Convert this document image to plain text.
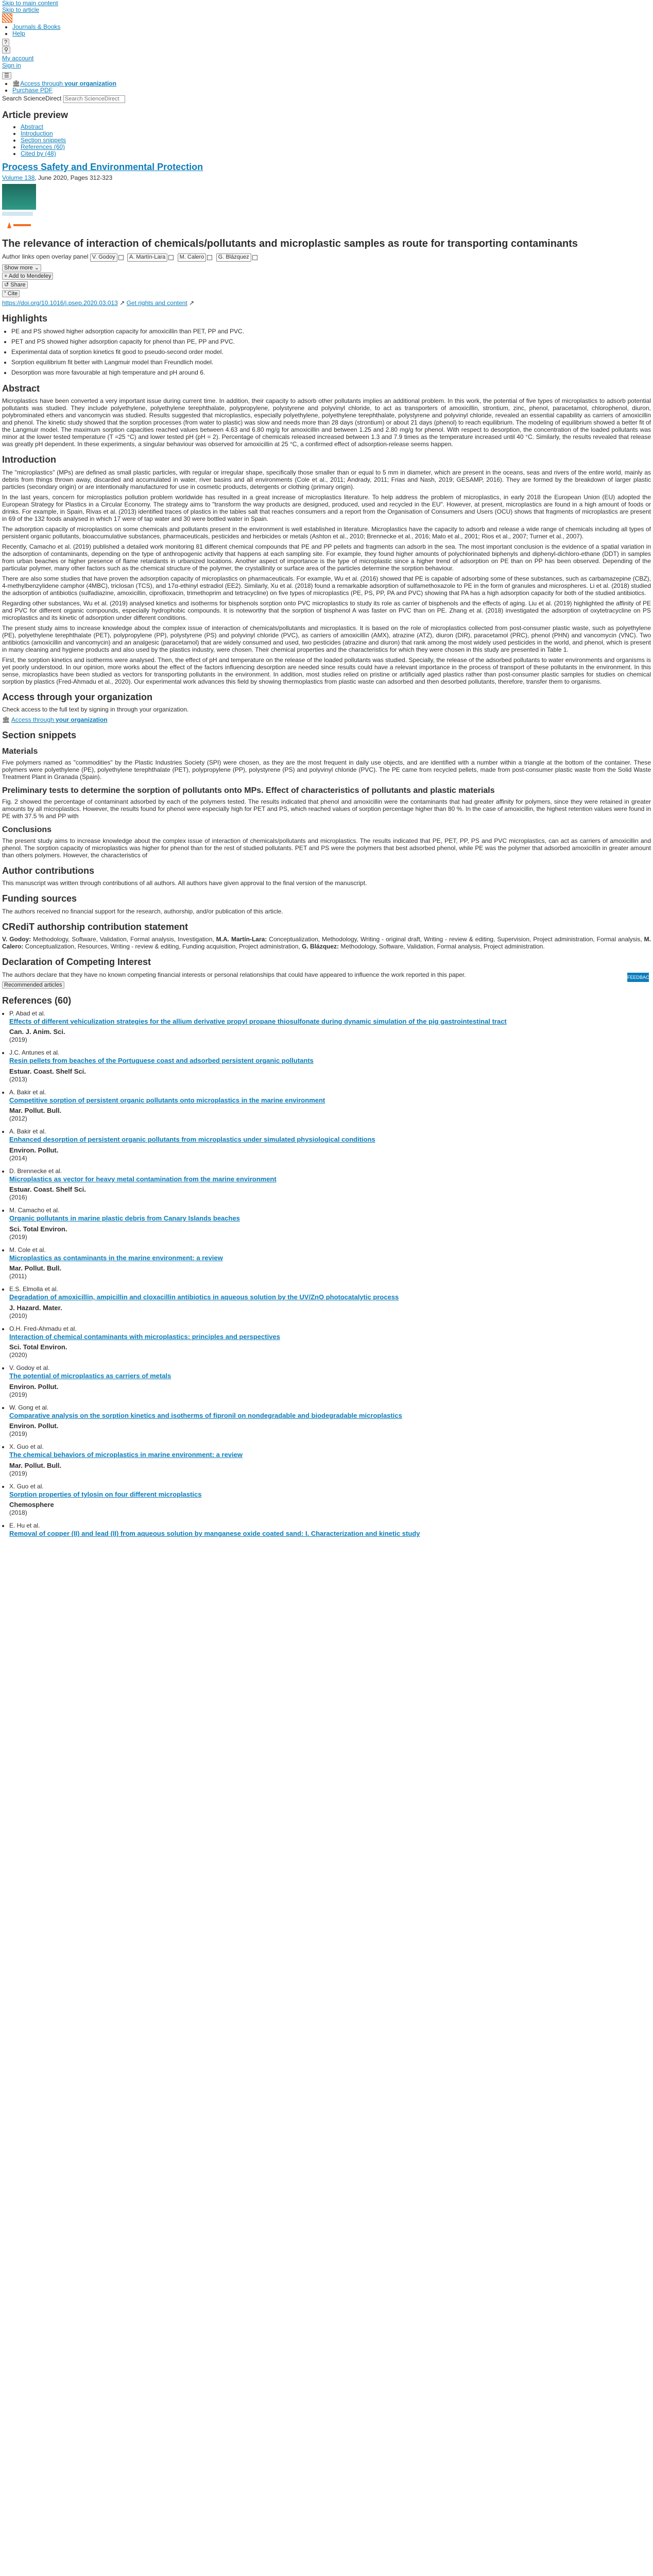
Skip to main content
Skip to article
• Journals & Books
• Help
?
⚲
My account
Sign in
☰
• 🏛Access through your organization
• Purchase PDF
Search ScienceDirect Search ScienceDirect
Article preview
• Abstract
• Introduction
• Section snippets
• References (60)
• Cited by (48)
Process Safety and Environmental Protection
Volume 138, June 2020, Pages 312-323
The relevance of interaction of chemicals/pollutants and microplastic samples as route for transporting contaminants
Author links open overlay panel V. Godoy
	A. Martín-Lara
	M. Calero
	G. Blázquez
Show more ⌄
+ Add to Mendeley
↺ Share
” Cite
https://doi.org/10.1016/j.psep.2020.03.013 ↗ Get rights and content ↗
Highlights
• PE and PS showed higher adsorption capacity for amoxicillin than PET, PP and PVC.
• PET and PS showed higher adsorption capacity for phenol than PE, PP and PVC.
• Experimental data of sorption kinetics fit good to pseudo-second order model.
• Sorption equilibrium fit better with Langmuir model than Freundlich model.
• Desorption was more favourable at high temperature and pH around 6.
Abstract

Microplastics have been converted a very important issue during current time. In addition, their capacity to adsorb other pollutants implies an additional problem. In this work, the potential of five types of microplastics to adsorb potential pollutants was studied. They include polyethylene, polyethylene terephthalate, polypropylene, polystyrene and polyvinyl chloride, to act as transporters of amoxicillin, strontium, zinc, phenol, paracetamol, chlorophenol, diuron, polybrominated ethers and vancomycin was studied. Results suggested that microplastics, especially polyethylene, polyethylene terephthalate, polystyrene and polyvinyl chloride, revealed an essential capability as carriers of amoxicillin and phenol. The kinetic study showed that the sorption processes (from water to plastic) was slow and needs more than 28 days (strontium) or about 21 days (phenol) to reach equilibrium. The modeling of equilibrium showed a better fit of the Langmuir model. The maximum sorption capacities reached values between 4.63 and 6.80 mg/g for amoxicillin and between 1.25 and 2.80 mg/g for phenol. With respect to desorption, the concentration of the loaded pollutants was minor at the lower tested temperature (T =25 °C) and lower tested pH (pH = 2). Percentage of chemicals released increased between 1.3 and 7.9 times as the temperature increased until 40 °C. Similarly, the results revealed that release was greatly pH dependent. In these experiments, a singular behaviour was observed for amoxicillin at 25 °C, a confirmed effect of adsorption-release seems happen.

Introduction

The "microplastics" (MPs) are defined as small plastic particles, with regular or irregular shape, specifically those smaller than or equal to 5 mm in diameter, which are present in the oceans, seas and rivers of the entire world, mainly as debris from things thrown away, discarded and accumulated in water, river basins and all environments (Cole et al., 2011; Andrady, 2011; Frias and Nash, 2019; GESAMP, 2016). They are formed by the breakdown of larger plastic particles (secondary origin) or are intentionally manufactured for use in cosmetic products, detergents or clothing (primary origin).

In the last years, concern for microplastics pollution problem worldwide has resulted in a great increase of microplastics literature. To help address the problem of microplastics, in early 2018 the European Union (EU) adopted the European Strategy for Plastics in a Circular Economy. The strategy aims to "transform the way products are designed, produced, used and recycled in the EU". However, at present, microplastics are found in a high amount of foods or drinks. For example, in Spain, Rivas et al. (2013) identified traces of plastics in the tables salt that reaches consumers and a report from the Organisation of Consumers and Users (OCU) shows that fragments of microplastics are present in 69 of the 132 foods analysed in which 17 were of tap water and 30 were bottled water in Spain.

The adsorption capacity of microplastics on some chemicals and pollutants present in the environment is well established in literature. Microplastics have the capacity to adsorb and release a wide range of chemicals including all types of persistent organic pollutants, bioaccumulative substances, pharmaceuticals, pesticides and herbicides or metals (Ashton et al., 2010; Brennecke et al., 2016; Mato et al., 2001; Rios et al., 2007; Turner et al., 2007).

Recently, Camacho et al. (2019) published a detailed work monitoring 81 different chemical compounds that PE and PP pellets and fragments can adsorb in the sea. The most important conclusion is the evidence of a spatial variation in the adsorption of contaminants, depending on the type of anthropogenic activity that happens at each sampling site. For example, they found higher amounts of polychlorinated biphenyls and diphenyl-dichloro-ethane (DDT) in samples from urban beaches or higher presence of flame retardants in urbanized locations. Another aspect of importance is the type of microplastic since a higher trend of adsorption on PE than on PP has been observed. Depending of the particular polymer, many other factors such as the chemical structure of the polymer, the crystallinity or surface area of the particles determine the sorption behaviour.

There are also some studies that have proven the adsorption capacity of microplastics on pharmaceuticals. For example, Wu et al. (2016) showed that PE is capable of adsorbing some of these substances, such as carbamazepine (CBZ), 4-methylbenzylidene camphor (4MBC), triclosan (TCS), and 17α-ethinyl estradiol (EE2). Similarly, Xu et al. (2018) found a remarkable adsorption of sulfamethoxazole to PE in the form of granules and microspheres. Li et al. (2018) studied the adsorption of antibiotics (sulfadiazine, amoxicillin, ciprofloxacin, trimethoprim and tetracycline) on five types of microplastics (PE, PS, PP, PA and PVC) showing that PA has a high adsorption capacity for both of the studied antibiotics.

Regarding other substances, Wu et al. (2019) analysed kinetics and isotherms for bisphenols sorption onto PVC microplastics to study its role as carrier of bisphenols and the effects of aging. Liu et al. (2019) highlighted the affinity of PE and PVC for different organic compounds, especially hydrophobic compounds. It is noteworthy that the sorption of bisphenol A was faster on PVC than on PE. Zhang et al. (2018) investigated the adsorption of oxytetracycline on PS microplastics and its kinetic of adsorption under different conditions.

The present study aims to increase knowledge about the complex issue of interaction of chemicals/pollutants and microplastics. It is based on the role of microplastics collected from post-consumer plastic waste, such as polyethylene (PE), polyethylene terephthalate (PET), polypropylene (PP), polystyrene (PS) and polyvinyl chloride (PVC), as carriers of amoxicillin (AMX), atrazine (ATZ), diuron (DIR), paracetamol (PRC), phenol (PHN) and vancomycin (VNC). Two antibiotics (amoxicillin and vancomycin) and an analgesic (paracetamol) that are widely consumed and used, two pesticides (atrazine and diuron) that rank among the most widely used pesticides in the world, and phenol, which is present in many cleaning and hygiene products and also used by the plastics industry, were chosen. Their chemical properties and the characteristics for which they were chosen in this study are presented in Table 1.

First, the sorption kinetics and isotherms were analysed. Then, the effect of pH and temperature on the release of the loaded pollutants was studied. Specially, the release of the adsorbed pollutants to water environments and organisms is yet poorly understood. In our opinion, more works about the effect of the factors influencing desorption are needed since results could have a relevant importance in the process of transport of these pollutants in the environment. In this sense, microplastics have been studied as vectors for transporting pollutants in the environment. In addition, most studies relied on pristine or artificially aged plastics rather than post-consumer plastic samples for studies on chemical sorption by plastics (Fred-Ahmadu et al., 2020). Our experimental work advances this field by showing thermoplastics from plastic waste can adsorbed and then desorbed pollutants, therefore, transfer them to organisms.

Access through your organization

Check access to the full text by signing in through your organization.

🏛 Access through your organization
Section snippets
Materials

Five polymers named as "commodities" by the Plastic Industries Society (SPI) were chosen, as they are the most frequent in daily use objects, and are identified with a number within a triangle at the bottom of the container. These polymers were polyethylene (PE), polyethylene terephthalate (PET), polypropylene (PP), polystyrene (PS) and polyvinyl chloride (PVC). The PE came from recycled pellets, made from post-consumer plastic waste from the Solid Waste Treatment Plant in Granada (Spain).

Preliminary tests to determine the sorption of pollutants onto MPs. Effect of characteristics of pollutants and plastic materials

Fig. 2 showed the percentage of contaminant adsorbed by each of the polymers tested. The results indicated that phenol and amoxicillin were the contaminants that had greater affinity for polymers, since they were retained in greater amounts by all microplastics. However, the results found for phenol were especially high for PET and PS, which reached values of sorption percentage higher than 80 %. In the case of amoxicillin, the highest retention values were found in PE with 37.5 % and PP with

Conclusions

The present study aims to increase knowledge about the complex issue of interaction of chemicals/pollutants and microplastics. The results indicated that PE, PET, PP, PS and PVC microplastics, can act as carriers of amoxicillin and phenol. The sorption capacity of microplastics was higher for phenol than for the rest of studied pollutants. PET and PS were the polymers that best adsorbed phenol, while PE was the polymer that adsorbed amoxicillin in greater amount than others polymers. However, the characteristics of

Author contributions

This manuscript was written through contributions of all authors. All authors have given approval to the final version of the manuscript.

Funding sources

The authors received no financial support for the research, authorship, and/or publication of this article.

CRediT authorship contribution statement

V. Godoy: Methodology, Software, Validation, Formal analysis, Investigation, M.A. Martín-Lara: Conceptualization, Methodology, Writing - original draft, Writing - review & editing, Supervision, Project administration, Formal analysis, M. Calero: Conceptualization, Resources, Writing - review & editing, Funding acquisition, Project administration, G. Blázquez: Methodology, Software, Validation, Formal analysis, Project administration.

Declaration of Competing Interest

The authors declare that they have no known competing financial interests or personal relationships that could have appeared to influence the work reported in this paper.

Recommended articles
References (60)
• P. Abad et al.
Effects of different vehiculization strategies for the allium derivative propyl propane thiosulfonate during dynamic simulation of the pig gastrointestinal tract
Can. J. Anim. Sci.
(2019)
• J.C. Antunes et al.
Resin pellets from beaches of the Portuguese coast and adsorbed persistent organic pollutants
Estuar. Coast. Shelf Sci.
(2013)
• A. Bakir et al.
Competitive sorption of persistent organic pollutants onto microplastics in the marine environment
Mar. Pollut. Bull.
(2012)
• A. Bakir et al.
Enhanced desorption of persistent organic pollutants from microplastics under simulated physiological conditions
Environ. Pollut.
(2014)
• D. Brennecke et al.
Microplastics as vector for heavy metal contamination from the marine environment
Estuar. Coast. Shelf Sci.
(2016)
• M. Camacho et al.
Organic pollutants in marine plastic debris from Canary Islands beaches
Sci. Total Environ.
(2019)
• M. Cole et al.
Microplastics as contaminants in the marine environment: a review
Mar. Pollut. Bull.
(2011)
• E.S. Elmolla et al.
Degradation of amoxicillin, ampicillin and cloxacillin antibiotics in aqueous solution by the UV/ZnO photocatalytic process
J. Hazard. Mater.
(2010)
• O.H. Fred-Ahmadu et al.
Interaction of chemical contaminants with microplastics: principles and perspectives
Sci. Total Environ.
(2020)
• V. Godoy et al.
The potential of microplastics as carriers of metals
Environ. Pollut.
(2019)
• W. Gong et al.
Comparative analysis on the sorption kinetics and isotherms of fipronil on nondegradable and biodegradable microplastics
Environ. Pollut.
(2019)
• X. Guo et al.
The chemical behaviors of microplastics in marine environment: a review
Mar. Pollut. Bull.
(2019)
• X. Guo et al.
Sorption properties of tylosin on four different microplastics
Chemosphere
(2018)
• E. Hu et al.
Removal of copper (II) and lead (II) from aqueous solution by manganese oxide coated sand: I. Characterization and kinetic study
FEEDBACK
